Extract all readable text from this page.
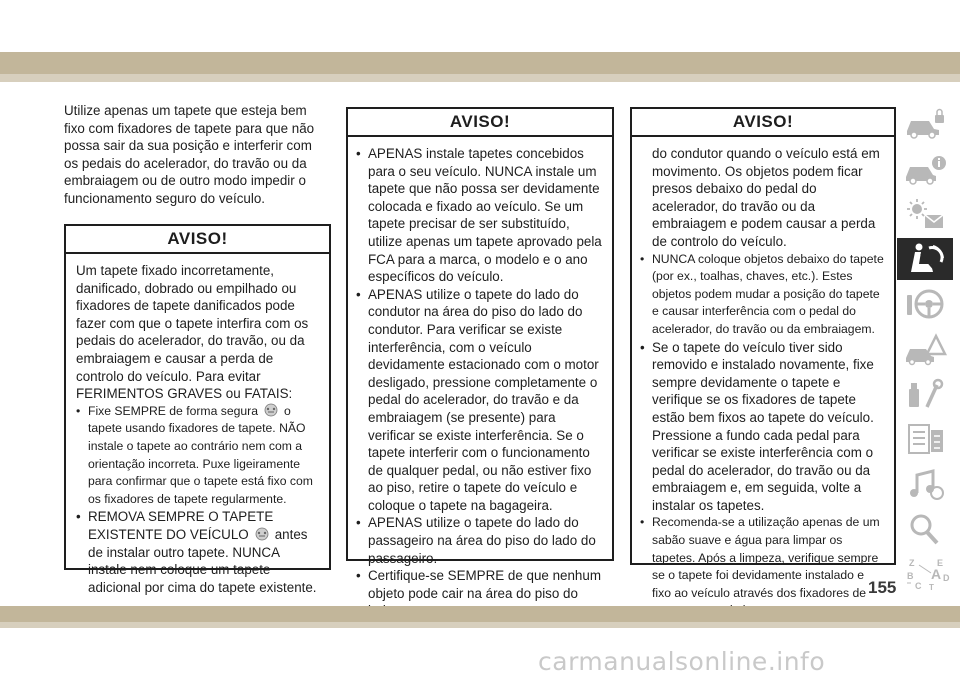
Utilize apenas um tapete que esteja bem fixo com fixadores de tapete para que não possa sair da sua posição e interferir com os pedais do acelerador, do travão ou da embraiagem ou de outro modo impedir o funcionamento seguro do veículo.
AVISO!
Um tapete fixado incorretamente, danificado, dobrado ou empilhado ou fixadores de tapete danificados pode fazer com que o tapete interfira com os pedais do acelerador, do travão, ou da embraiagem e causar a perda de controlo do veículo. Para evitar FERIMENTOS GRAVES ou FATAIS:
• Fixe SEMPRE de forma segura o tapete usando fixadores de tapete. NÃO instale o tapete ao contrário nem com a orientação incorreta. Puxe ligeiramente para confirmar que o tapete está fixo com os fixadores de tapete regularmente.
• REMOVA SEMPRE O TAPETE EXISTENTE DO VEÍCULO antes de instalar outro tapete. NUNCA instale nem coloque um tapete adicional por cima do tapete existente.
AVISO!
• APENAS instale tapetes concebidos para o seu veículo. NUNCA instale um tapete que não possa ser devidamente colocada e fixado ao veículo. Se um tapete precisar de ser substituído, utilize apenas um tapete aprovado pela FCA para a marca, o modelo e o ano específicos do veículo.
• APENAS utilize o tapete do lado do condutor na área do piso do lado do condutor. Para verificar se existe interferência, com o veículo devidamente estacionado com o motor desligado, pressione completamente o pedal do acelerador, do travão e da embraiagem (se presente) para verificar se existe interferência. Se o tapete interferir com o funcionamento de qualquer pedal, ou não estiver fixo ao piso, retire o tapete do veículo e coloque o tapete na bagageira.
• APENAS utilize o tapete do lado do passageiro na área do piso do lado do passageiro.
• Certifique-se SEMPRE de que nenhum objeto pode cair na área do piso do
AVISO!
do condutor quando o veículo está em movimento. Os objetos podem ficar presos debaixo do pedal do acelerador, do travão ou da embraiagem e podem causar a perda de controlo do veículo.
• NUNCA coloque objetos debaixo do tapete (por ex., toalhas, chaves, etc.). Estes objetos podem mudar a posição do tapete e causar interferência com o pedal do acelerador, do travão ou da embraiagem.
• Se o tapete do veículo tiver sido removido e instalado novamente, fixe sempre devidamente o tapete e verifique se os fixadores de tapete estão bem fixos ao tapete do veículo. Pressione a fundo cada pedal para verificar se existe interferência com o pedal do acelerador, do travão ou da embraiagem e, em seguida, volte a instalar os tapetes.
• Recomenda-se a utilização apenas de um sabão suave e água para limpar os tapetes. Após a limpeza, verifique sempre se o tapete foi devidamente instalado e fixo ao veículo através dos fixadores de
Z	E
B A D
C T
155
carmanualsonline.info
